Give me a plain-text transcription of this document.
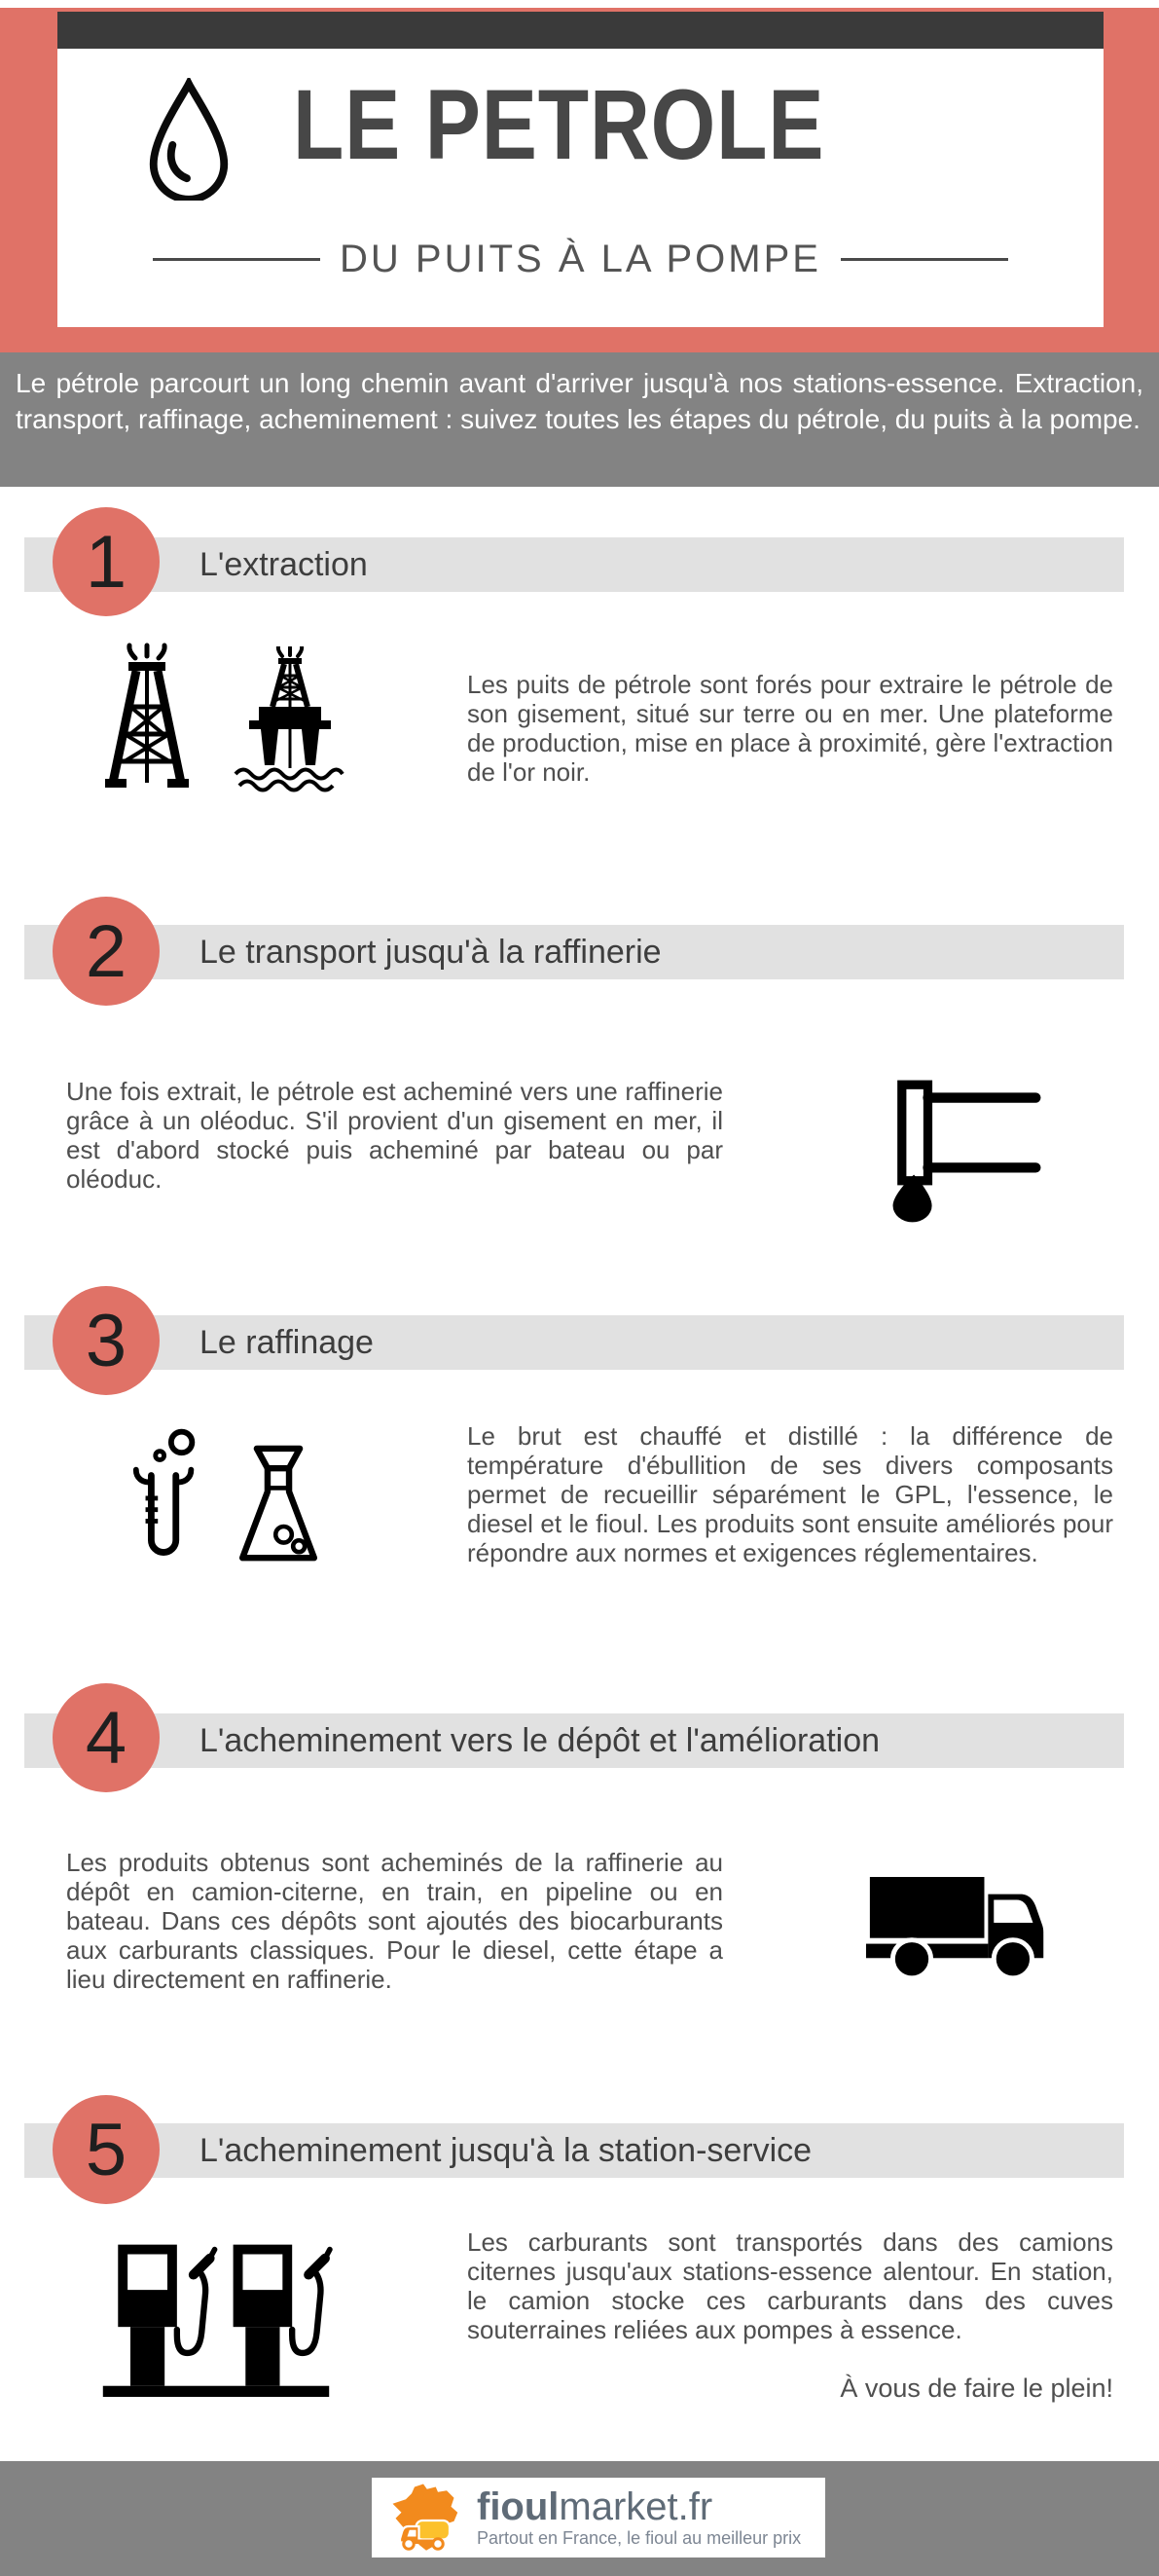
LE PETROLE
DU PUITS À LA POMPE

Le pétrole parcourt un long chemin avant d'arriver jusqu'à nos stations-essence. Extraction, transport, raffinage, acheminement : suivez toutes les étapes du pétrole, du puits à la pompe.

1 L'extraction

Les puits de pétrole sont forés pour extraire le pétrole de son gisement, situé sur terre ou en mer. Une plateforme de production, mise en place à proximité, gère l'extraction de l'or noir.

2 Le transport jusqu'à la raffinerie

Une fois extrait, le pétrole est acheminé vers une raffinerie grâce à un oléoduc. S'il provient d'un gisement en mer, il est d'abord stocké puis acheminé par bateau ou par oléoduc.

3 Le raffinage

Le brut est chauffé et distillé : la différence de température d'ébullition de ses divers composants permet de recueillir séparément le GPL, l'essence, le diesel et le fioul. Les produits sont ensuite améliorés pour répondre aux normes et exigences réglementaires.

4 L'acheminement vers le dépôt et l'amélioration

Les produits obtenus sont acheminés de la raffinerie au dépôt en camion-citerne, en train, en pipeline ou en bateau. Dans ces dépôts sont ajoutés des biocarburants aux carburants classiques. Pour le diesel, cette étape a lieu directement en raffinerie.

5 L'acheminement jusqu'à la station-service

Les carburants sont transportés dans des camions citernes jusqu'aux stations-essence alentour. En station, le camion stocke ces carburants dans des cuves souterraines reliées aux pompes à essence.

À vous de faire le plein!

fioulmarket.fr
Partout en France, le fioul au meilleur prix
